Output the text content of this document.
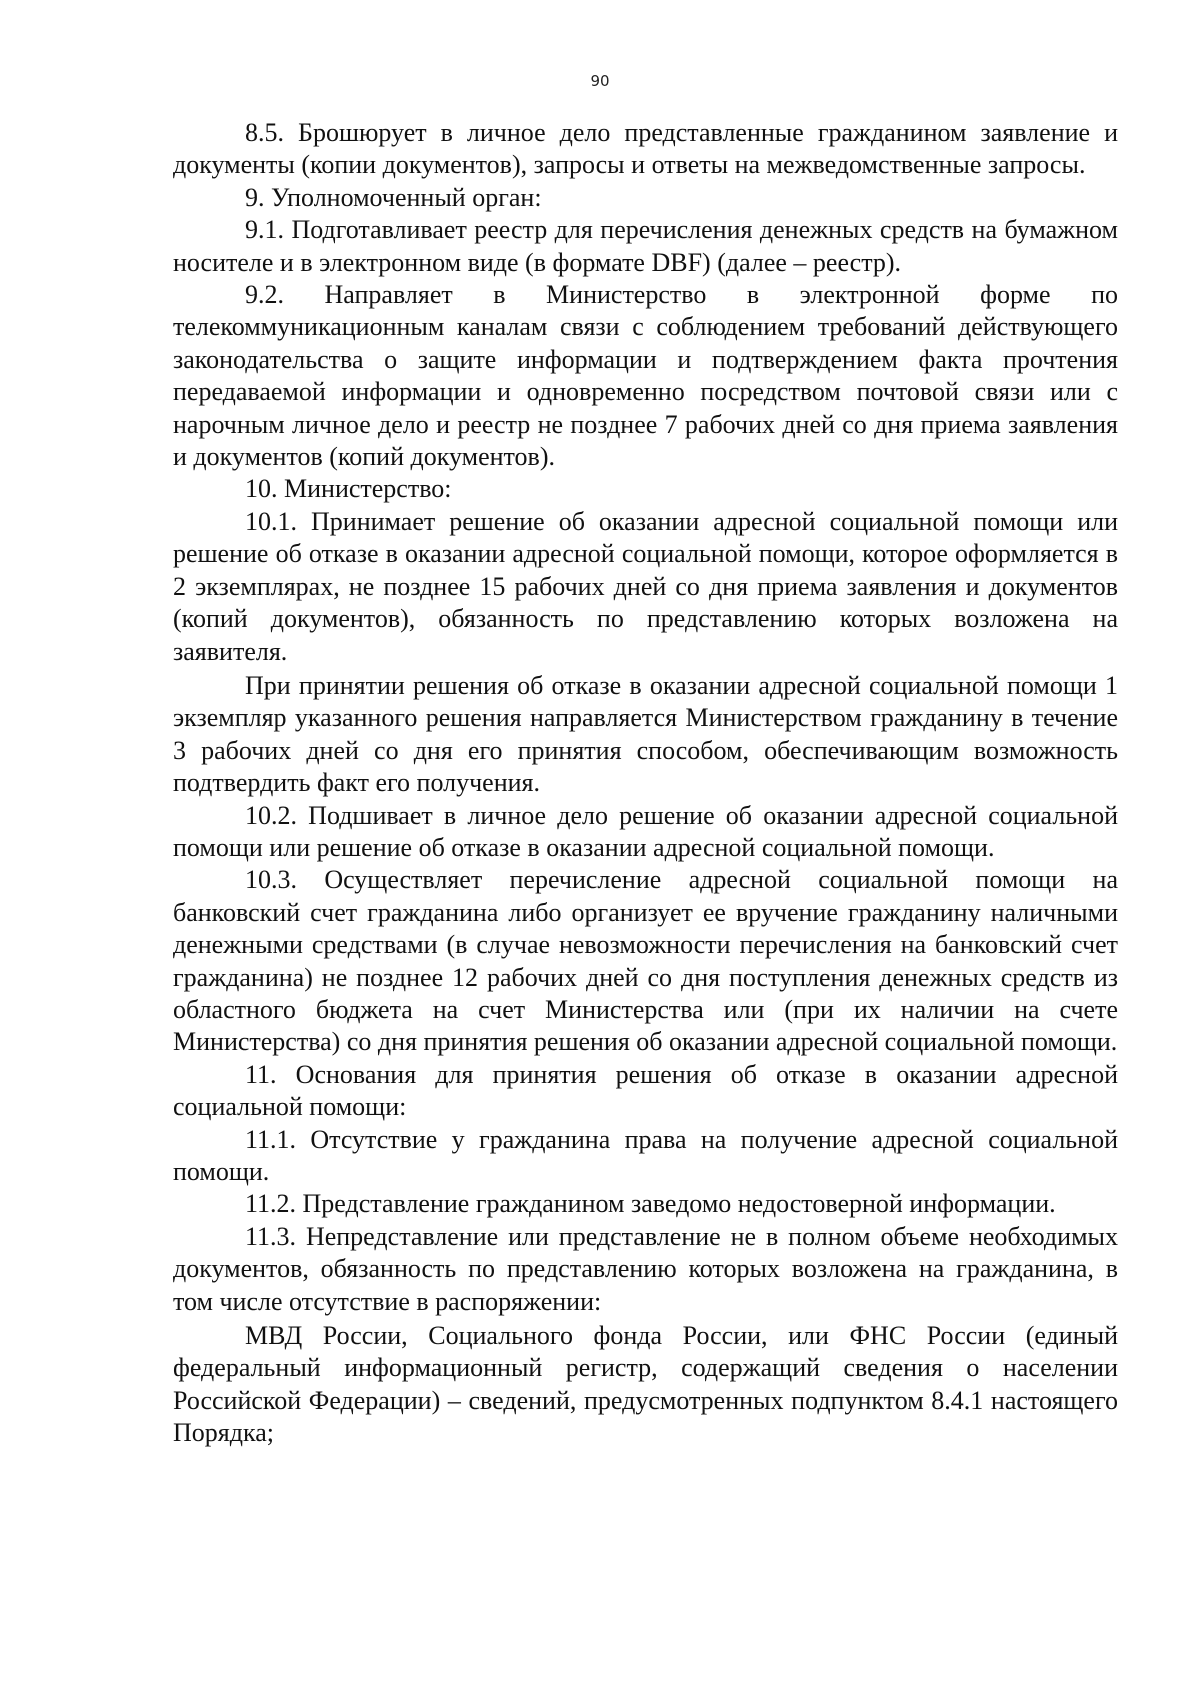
90

8.5. Брошюрует в личное дело представленные гражданином заявление и документы (копии документов), запросы и ответы на межведомственные запросы.

9. Уполномоченный орган:

9.1. Подготавливает реестр для перечисления денежных средств на бумажном носителе и в электронном виде (в формате DBF) (далее – реестр).

9.2. Направляет в Министерство в электронной форме по телекоммуникационным каналам связи с соблюдением требований действующего законодательства о защите информации и подтверждением факта прочтения передаваемой информации и одновременно посредством почтовой связи или с нарочным личное дело и реестр не позднее 7 рабочих дней со дня приема заявления и документов (копий документов).

10. Министерство:

10.1. Принимает решение об оказании адресной социальной помощи или решение об отказе в оказании адресной социальной помощи, которое оформляется в 2 экземплярах, не позднее 15 рабочих дней со дня приема заявления и документов (копий документов), обязанность по представлению которых возложена на заявителя.

При принятии решения об отказе в оказании адресной социальной помощи 1 экземпляр указанного решения направляется Министерством гражданину в течение 3 рабочих дней со дня его принятия способом, обеспечивающим возможность подтвердить факт его получения.

10.2. Подшивает в личное дело решение об оказании адресной социальной помощи или решение об отказе в оказании адресной социальной помощи.

10.3. Осуществляет перечисление адресной социальной помощи на банковский счет гражданина либо организует ее вручение гражданину наличными денежными средствами (в случае невозможности перечисления на банковский счет гражданина) не позднее 12 рабочих дней со дня поступления денежных средств из областного бюджета на счет Министерства или (при их наличии на счете Министерства) со дня принятия решения об оказании адресной социальной помощи.

11. Основания для принятия решения об отказе в оказании адресной социальной помощи:

11.1. Отсутствие у гражданина права на получение адресной социальной помощи.

11.2. Представление гражданином заведомо недостоверной информации.

11.3. Непредставление или представление не в полном объеме необходимых документов, обязанность по представлению которых возложена на гражданина, в том числе отсутствие в распоряжении:

МВД России, Социального фонда России, или ФНС России (единый федеральный информационный регистр, содержащий сведения о населении Российской Федерации) – сведений, предусмотренных подпунктом 8.4.1 настоящего Порядка;
